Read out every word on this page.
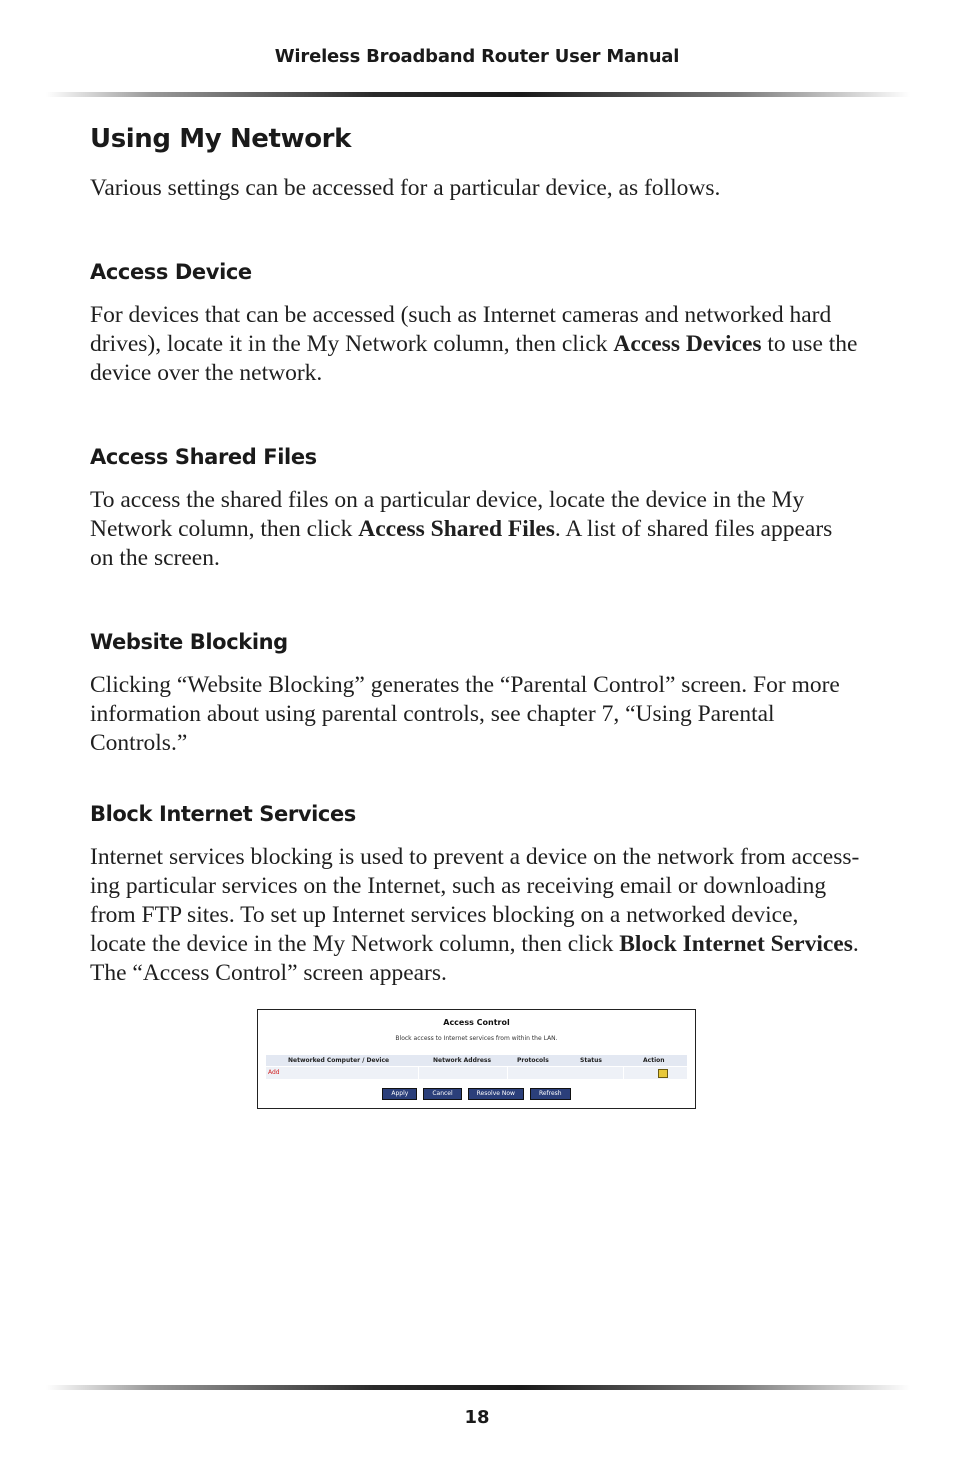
Wireless Broadband Router User Manual
Using My Network

Various settings can be accessed for a particular device, as follows.

Access Device

For devices that can be accessed (such as Internet cameras and networked hard drives), locate it in the My Network column, then click Access Devices to use the device over the network.

Access Shared Files

To access the shared files on a particular device, locate the device in the My Network column, then click Access Shared Files. A list of shared files appears on the screen.

Website Blocking

Clicking “Website Blocking” generates the “Parental Control” screen. For more information about using parental controls, see chapter 7, “Using Parental Controls.”

Block Internet Services

Internet services blocking is used to prevent a device on the network from access-ing particular services on the Internet, such as receiving email or downloading from FTP sites. To set up Internet services blocking on a networked device, locate the device in the My Network column, then click Block Internet Services. The “Access Control” screen appears.

Access Control
Block access to Internet services from within the LAN.
Networked Computer / Device	Network Address	Protocols	Status	Action
Add
Apply	Cancel	Resolve Now	Refresh
18
